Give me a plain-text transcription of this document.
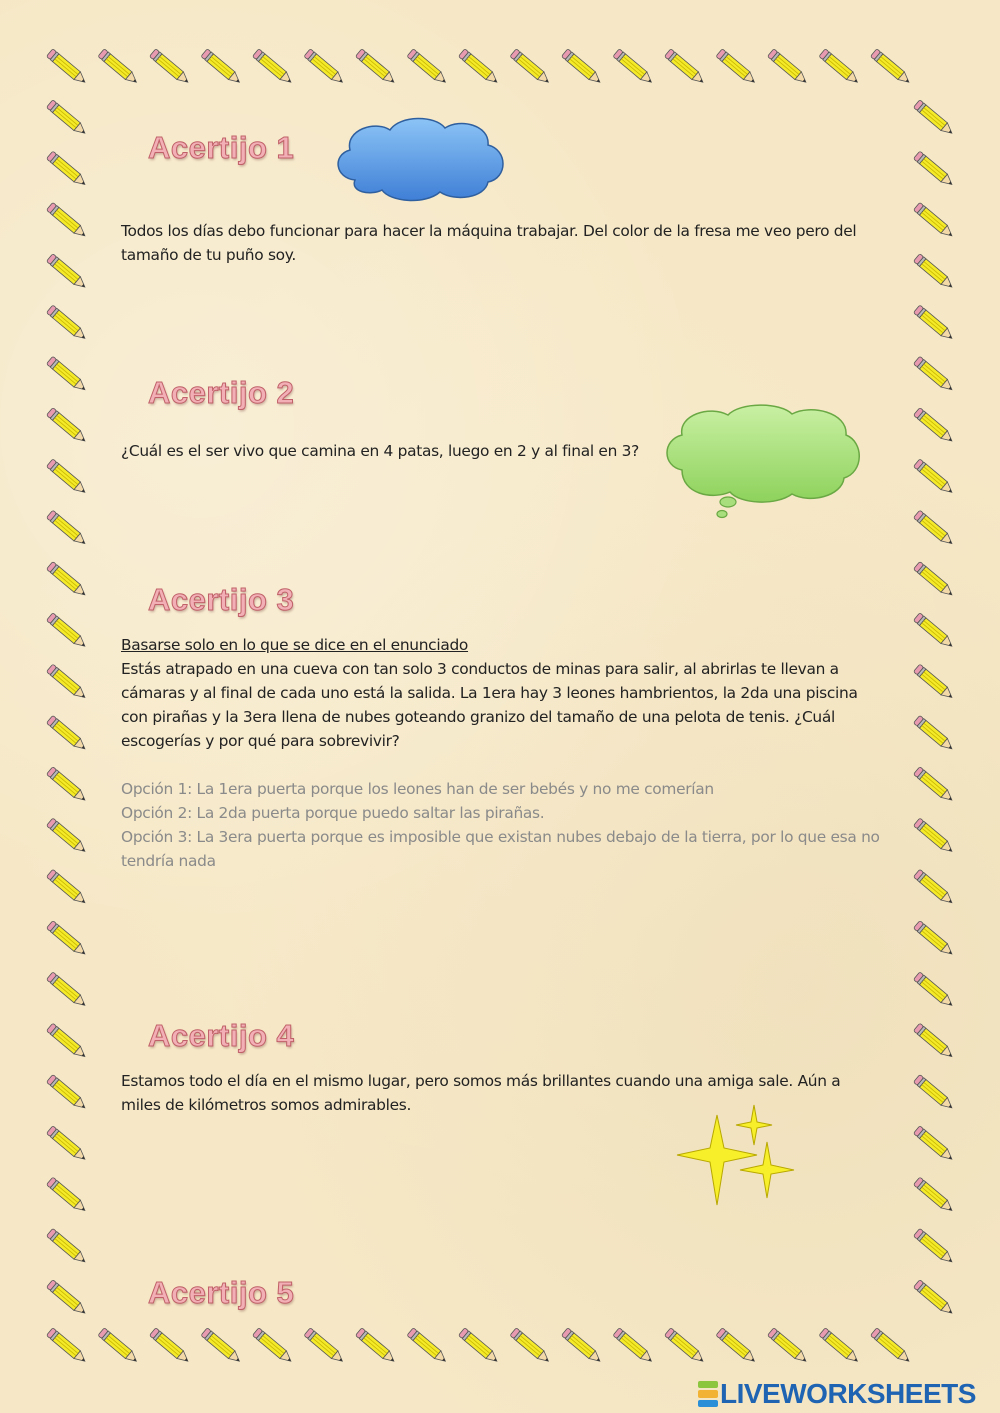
Acertijo 1
Todos los días debo funcionar para hacer la máquina trabajar. Del color de la fresa me veo pero del tamaño de tu puño soy.
Acertijo 2
¿Cuál es el ser vivo que camina en 4 patas, luego en 2 y al final en 3?
Acertijo 3

Basarse solo en lo que se dice en el enunciado

Estás atrapado en una cueva con tan solo 3 conductos de minas para salir, al abrirlas te llevan a cámaras y al final de cada uno está la salida. La 1era hay 3 leones hambrientos, la 2da una piscina con pirañas y la 3era llena de nubes goteando granizo del tamaño de una pelota de tenis. ¿Cuál escogerías y por qué para sobrevivir?

Opción 1: La 1era puerta porque los leones han de ser bebés y no me comerían

Opción 2: La 2da puerta porque puedo saltar las pirañas.

Opción 3: La 3era puerta porque es imposible que existan nubes debajo de la tierra, por lo que esa no tendría nada

Acertijo 4
Estamos todo el día en el mismo lugar, pero somos más brillantes cuando una amiga sale. Aún a miles de kilómetros somos admirables.
Acertijo 5
LIVEWORKSHEETS
